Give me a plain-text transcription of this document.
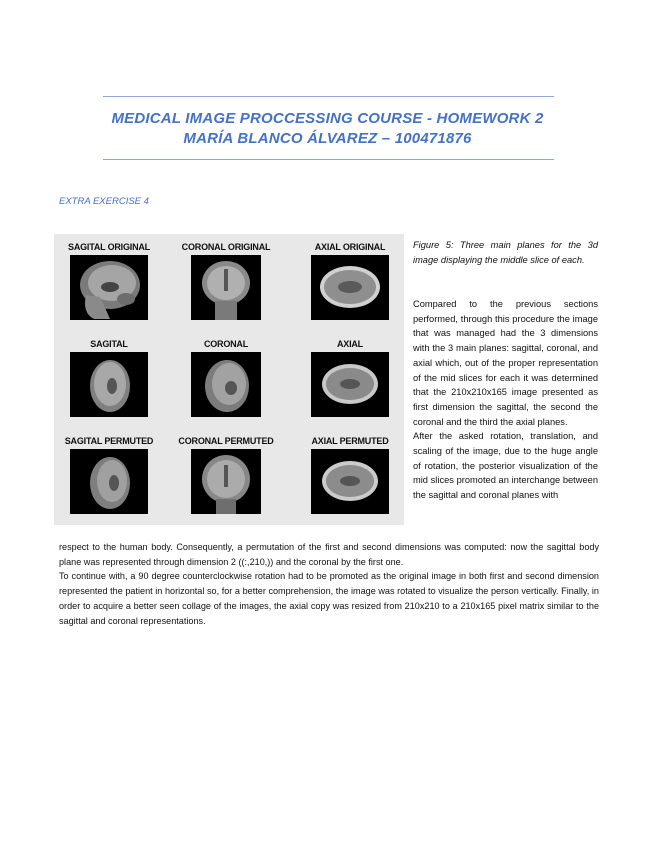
MEDICAL IMAGE PROCCESSING COURSE - HOMEWORK 2
MARÍA BLANCO ÁLVAREZ – 100471876
EXTRA EXERCISE 4
SAGITAL ORIGINAL	CORONAL ORIGINAL	AXIAL ORIGINAL
SAGITAL	CORONAL	AXIAL
SAGITAL PERMUTED	CORONAL PERMUTED	AXIAL PERMUTED
Figure 5: Three main planes for the 3d image displaying the middle slice of each.

Compared to the previous sections performed, through this procedure the image that was managed had the 3 dimensions with the 3 main planes: sagittal, coronal, and axial which, out of the proper representation of the mid slices for each it was determined that the 210x210x165 image presented as first dimension the sagittal, the second the coronal and the third the axial planes.

After the asked rotation, translation, and scaling of the image, due to the huge angle of rotation, the posterior visualization of the mid slices promoted an interchange between the sagittal and coronal planes with

respect to the human body. Consequently, a permutation of the first and second dimensions was computed: now the sagittal body plane was represented through dimension 2 ((:,210,)) and the coronal by the first one.

To continue with, a 90 degree counterclockwise rotation had to be promoted as the original image in both first and second dimension represented the patient in horizontal so, for a better comprehension, the image was rotated to visualize the person vertically. Finally, in order to acquire a better seen collage of the images, the axial copy was resized from 210x210 to a 210x165 pixel matrix similar to the sagittal and coronal representations.
